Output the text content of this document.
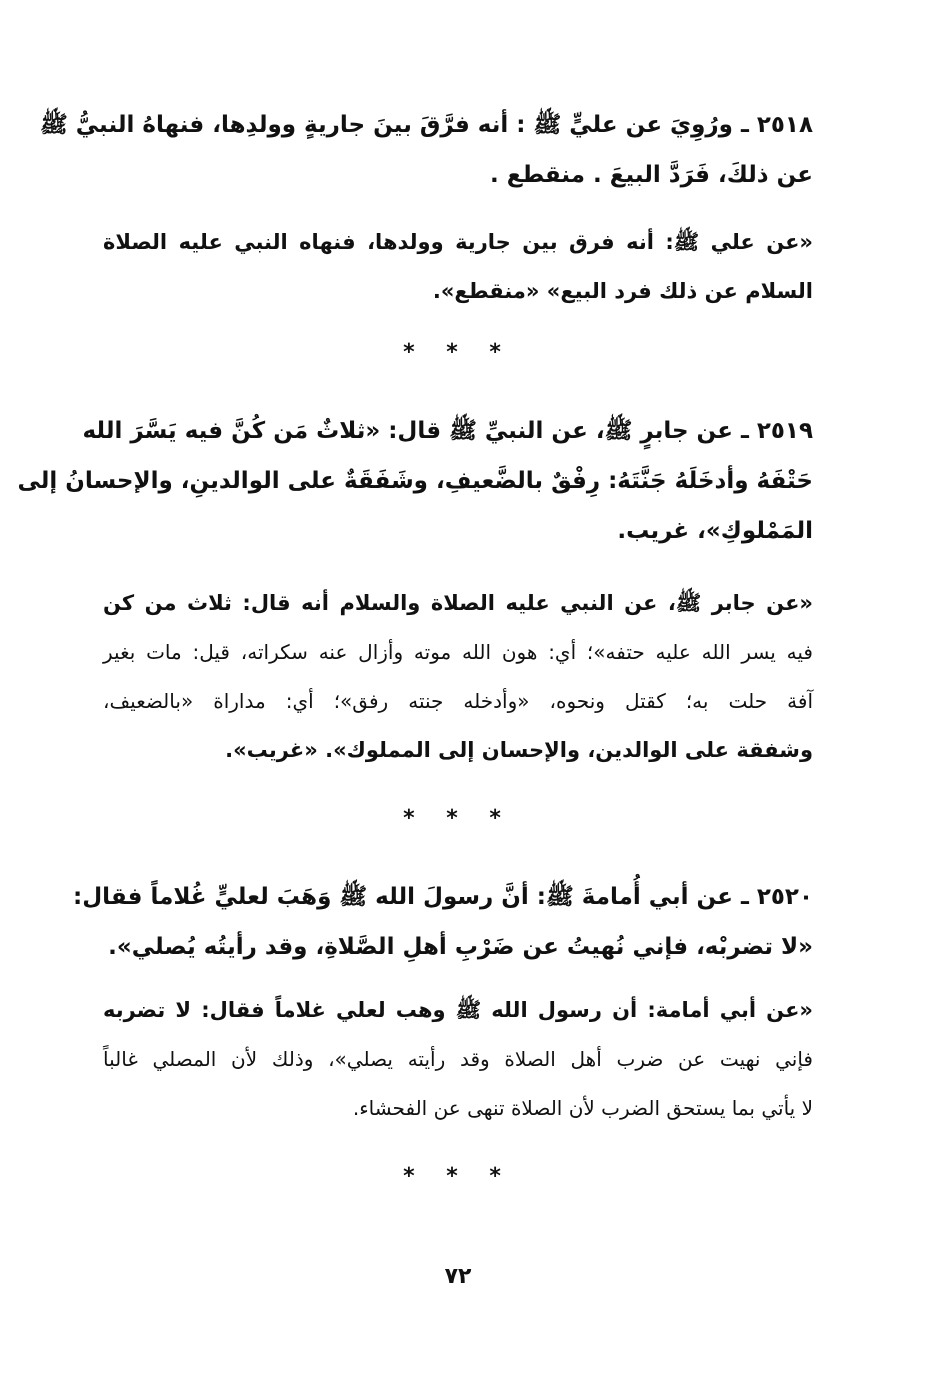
٢٥١٨ ـ ورُوِيَ عن عليٍّ ﷺ : أنه فرَّقَ بينَ جاريةٍ وولدِها، فنهاهُ النبيُّ ﷺ
عن ذلكَ، فَرَدَّ البيعَ . منقطع .
«عن علي ﷺ: أنه فرق بين جارية وولدها، فنهاه النبي عليه الصلاة
السلام عن ذلك فرد البيع» «منقطع».
* * *
٢٥١٩ ـ عن جابرٍ ﷺ، عن النبيِّ ﷺ قال: «ثلاثٌ مَن كُنَّ فيه يَسَّرَ الله
حَتْفَهُ وأدخَلَهُ جَنَّتَهُ: رِفْقٌ بالضَّعيفِ، وشَفَقَةٌ على الوالدينِ، والإحسانُ إلى
المَمْلوكِ»، غريب.
«عن جابر ﷺ، عن النبي عليه الصلاة والسلام أنه قال: ثلاث من كن
فيه يسر الله عليه حتفه»؛ أي: هون الله موته وأزال عنه سكراته، قيل: مات بغير
آفة حلت به؛ كقتل ونحوه، «وأدخله جنته رفق»؛ أي: مداراة «بالضعيف،
وشفقة على الوالدين، والإحسان إلى المملوك». «غريب».
* * *
٢٥٢٠ ـ عن أبي أُمامةَ ﷺ: أنَّ رسولَ الله ﷺ وَهَبَ لعليٍّ غُلاماً فقال:
«لا تضربْه، فإني نُهيتُ عن ضَرْبِ أهلِ الصَّلاةِ، وقد رأيتُه يُصلي».
«عن أبي أمامة: أن رسول الله ﷺ وهب لعلي غلاماً فقال: لا تضربه
فإني نهيت عن ضرب أهل الصلاة وقد رأيته يصلي»، وذلك لأن المصلي غالباً
لا يأتي بما يستحق الضرب لأن الصلاة تنهى عن الفحشاء.
* * *
٧٢
